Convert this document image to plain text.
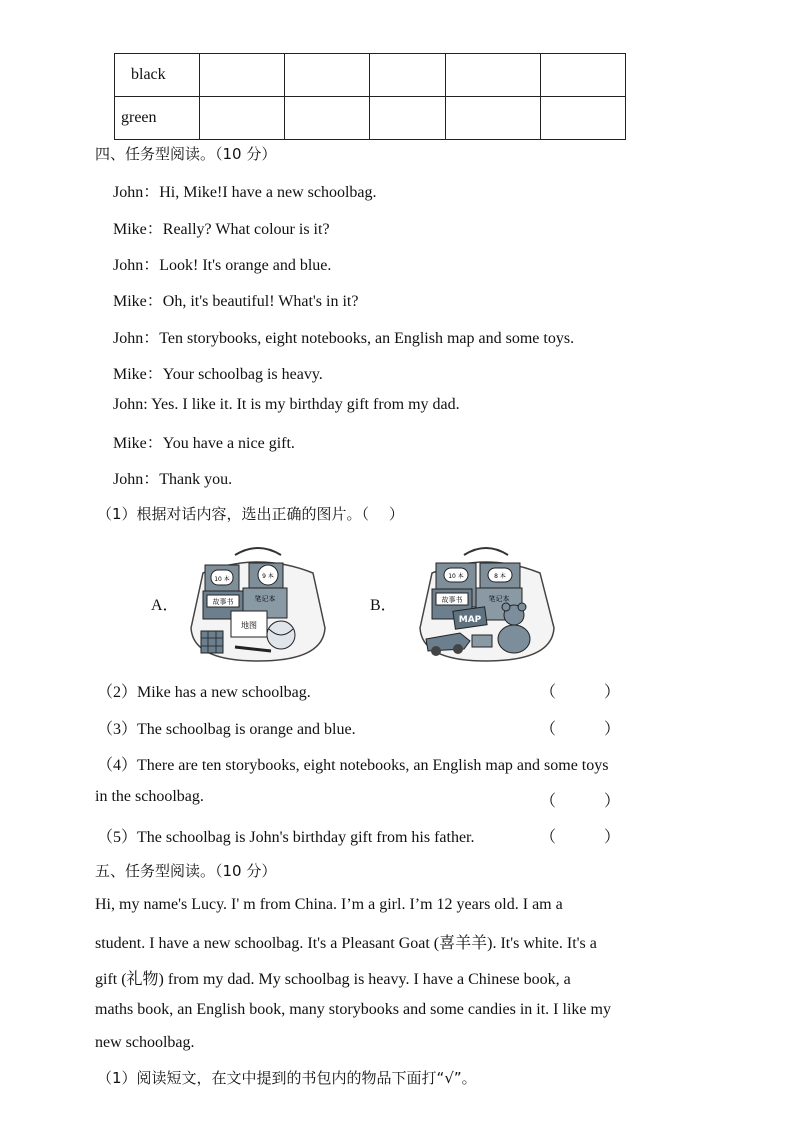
black					
green					
四、任务型阅读。（10 分）
John：Hi, Mike!I have a new schoolbag.
Mike：Really? What colour is it?
John：Look! It's orange and blue.
Mike：Oh, it's beautiful! What's in it?
John：Ten storybooks, eight notebooks, an English map and some toys.
Mike：Your schoolbag is heavy.
John: Yes. I like it. It is my birthday gift from my dad.
Mike：You have a nice gift.
John：Thank you.
（1）根据对话内容，选出正确的图片。（　 ）
A．
10 本	9 本
故事书	笔记本
地图
B．
10 本	8 本
故事书	笔记本
MAP
（2）Mike has a new schoolbag.	（　　　）
（3）The schoolbag is orange and blue.	（　　　）
（4）There are ten storybooks, eight notebooks, an English map and some toys
in the schoolbag.	（　　　）
（5）The schoolbag is John's birthday gift from his father.	（　　　）
五、任务型阅读。（10 分）
Hi, my name's Lucy. I' m from China. I’m a girl. I’m 12 years old. I am a
student. I have a new schoolbag. It's a Pleasant Goat (喜羊羊). It's white. It's a
gift (礼物) from my dad. My schoolbag is heavy. I have a Chinese book, a
maths book, an English book, many storybooks and some candies in it. I like my
new schoolbag.
（1）阅读短文，在文中提到的书包内的物品下面打“√”。
